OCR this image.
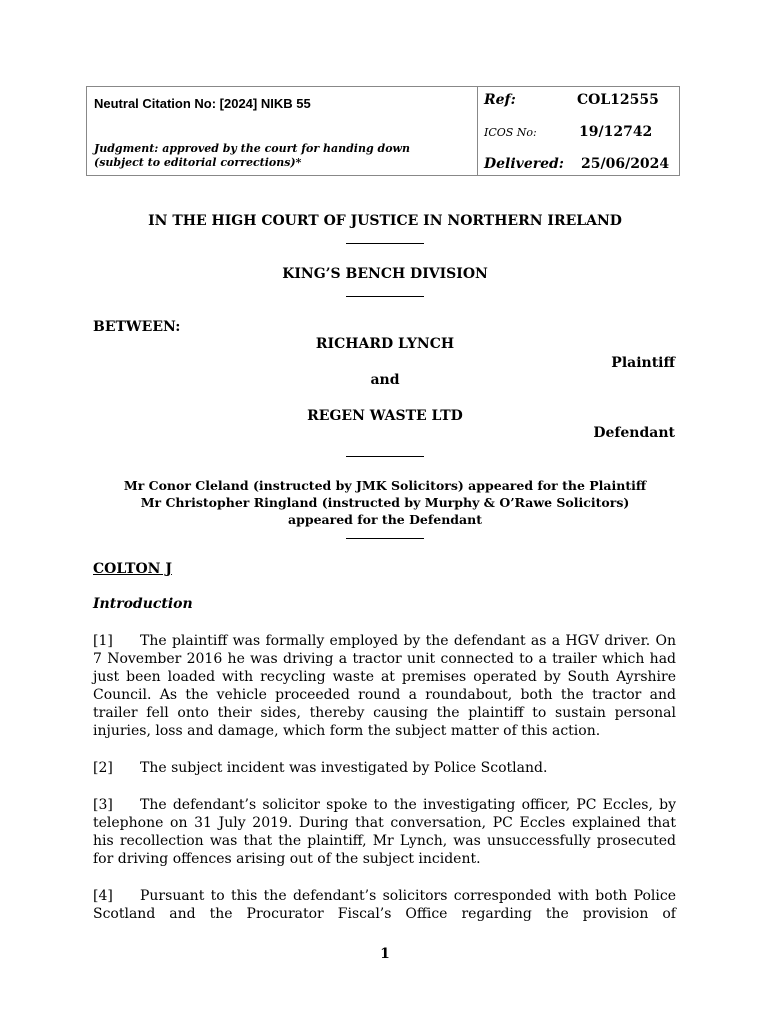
Neutral Citation No: [2024] NIKB 55
Judgment: approved by the court for handing down
(subject to editorial corrections)*
Ref:	COL12555
ICOS No:	19/12742
Delivered: 25/06/2024
IN THE HIGH COURT OF JUSTICE IN NORTHERN IRELAND
KING’S BENCH DIVISION
BETWEEN:
RICHARD LYNCH
Plaintiff
and
REGEN WASTE LTD
Defendant
Mr Conor Cleland (instructed by JMK Solicitors) appeared for the Plaintiff
Mr Christopher Ringland (instructed by Murphy & O’Rawe Solicitors)
appeared for the Defendant
COLTON J
Introduction
[1] The plaintiff was formally employed by the defendant as a HGV driver. On 7 November 2016 he was driving a tractor unit connected to a trailer which had just been loaded with recycling waste at premises operated by South Ayrshire Council. As the vehicle proceeded round a roundabout, both the tractor and trailer fell onto their sides, thereby causing the plaintiff to sustain personal injuries, loss and damage, which form the subject matter of this action.
[2] The subject incident was investigated by Police Scotland.
[3] The defendant’s solicitor spoke to the investigating officer, PC Eccles, by telephone on 31 July 2019. During that conversation, PC Eccles explained that his recollection was that the plaintiff, Mr Lynch, was unsuccessfully prosecuted for driving offences arising out of the subject incident.
[4] Pursuant to this the defendant’s solicitors corresponded with both Police Scotland and the Procurator Fiscal’s Office regarding the provision of
1
